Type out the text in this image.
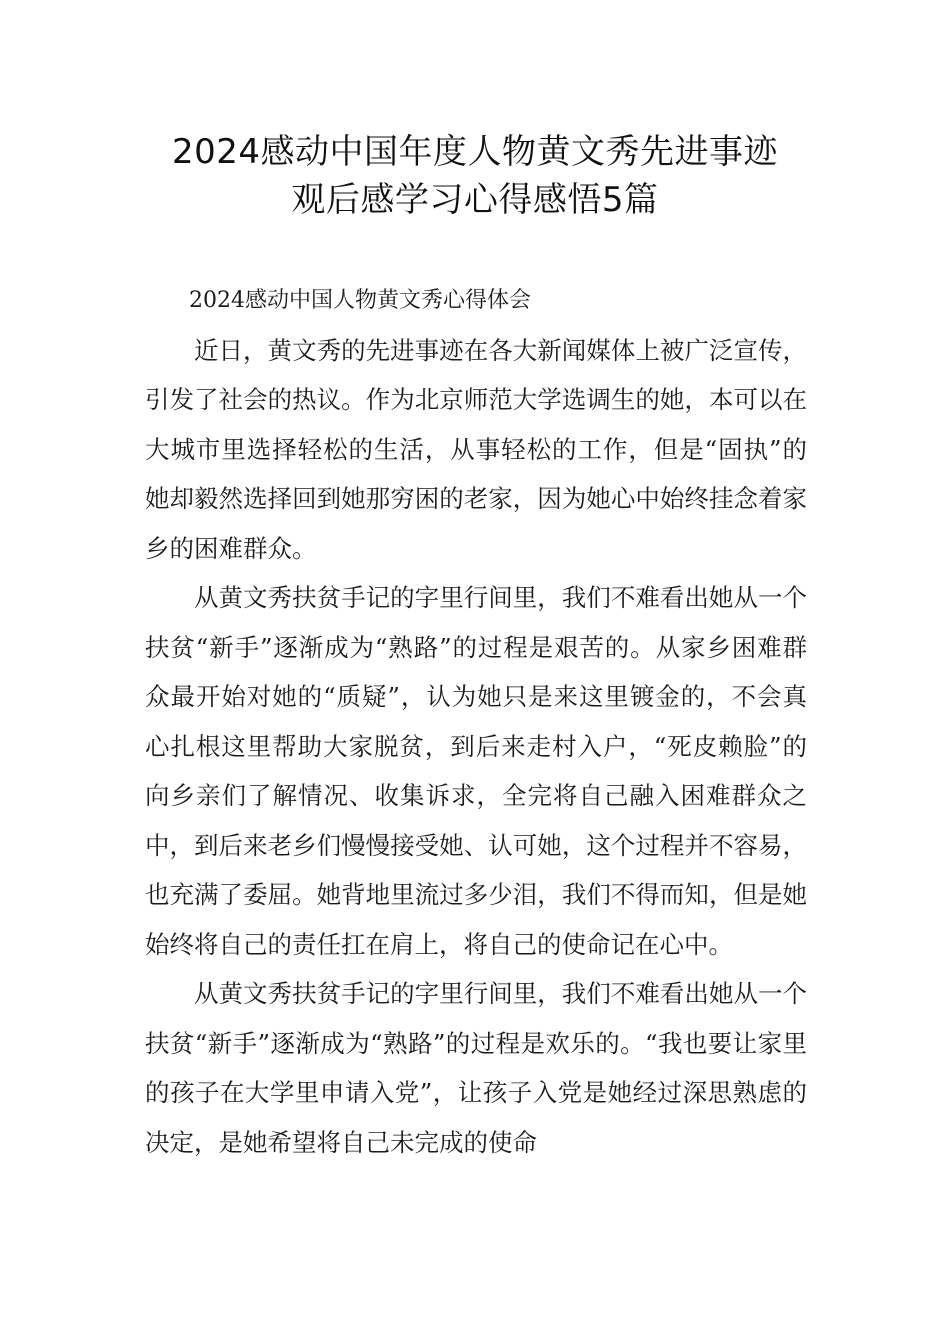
2024感动中国年度人物黄文秀先进事迹
观后感学习心得感悟5篇

2024感动中国人物黄文秀心得体会

近日，黄文秀的先进事迹在各大新闻媒体上被广泛宣传，引发了社会的热议。作为北京师范大学选调生的她，本可以在大城市里选择轻松的生活，从事轻松的工作，但是“固执”的她却毅然选择回到她那穷困的老家，因为她心中始终挂念着家乡的困难群众。

从黄文秀扶贫手记的字里行间里，我们不难看出她从一个扶贫“新手”逐渐成为“熟路”的过程是艰苦的。从家乡困难群众最开始对她的“质疑”，认为她只是来这里镀金的，不会真心扎根这里帮助大家脱贫，到后来走村入户，“死皮赖脸”的向乡亲们了解情况、收集诉求，全完将自己融入困难群众之中，到后来老乡们慢慢接受她、认可她，这个过程并不容易，也充满了委屈。她背地里流过多少泪，我们不得而知，但是她始终将自己的责任扛在肩上，将自己的使命记在心中。

从黄文秀扶贫手记的字里行间里，我们不难看出她从一个扶贫“新手”逐渐成为“熟路”的过程是欢乐的。“我也要让家里的孩子在大学里申请入党”，让孩子入党是她经过深思熟虑的决定，是她希望将自己未完成的使命
